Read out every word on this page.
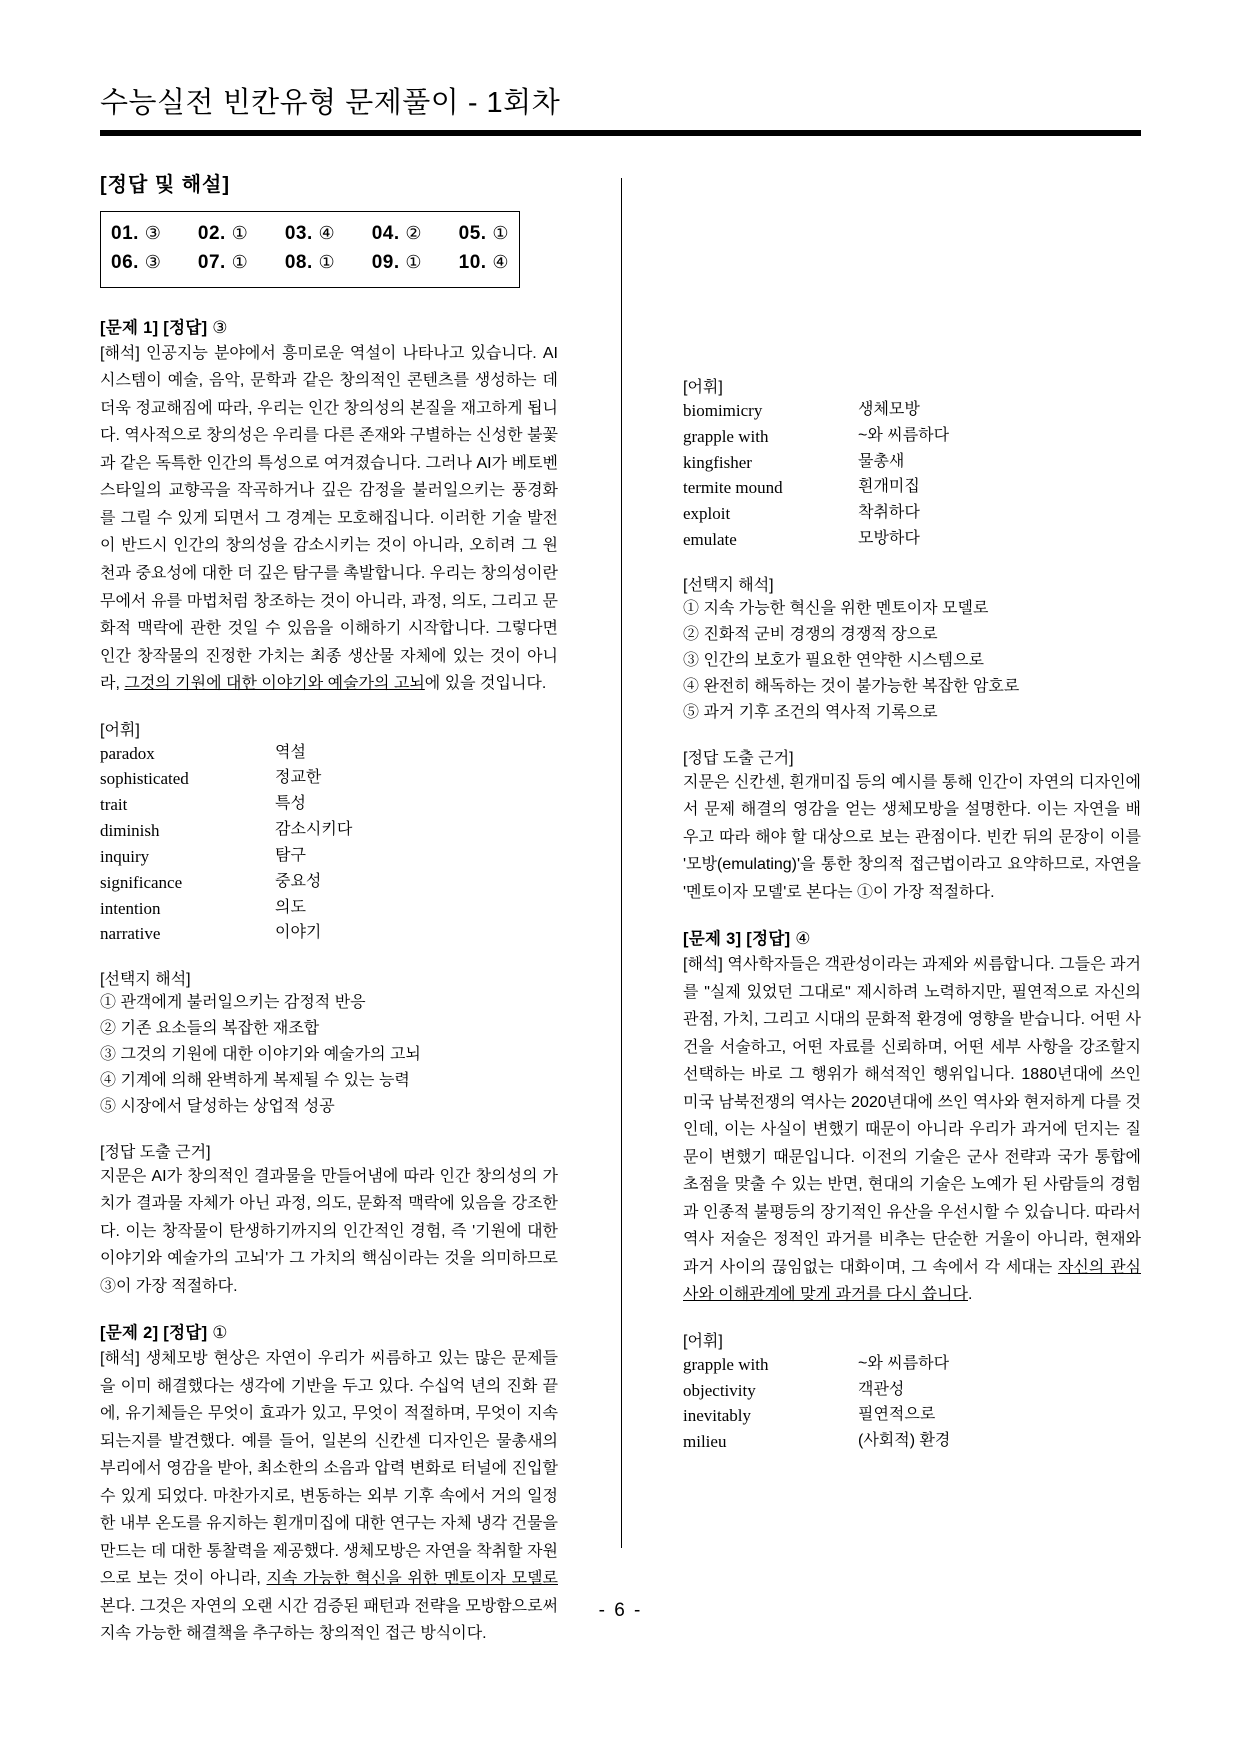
수능실전 빈칸유형 문제풀이 - 1회차
[정답 및 해설]
01. ③ 02. ① 03. ④ 04. ② 05. ①
06. ③ 07. ① 08. ① 09. ① 10. ④
[문제 1] [정답] ③

[해석] 인공지능 분야에서 흥미로운 역설이 나타나고 있습니다. AI 시스템이 예술, 음악, 문학과 같은 창의적인 콘텐츠를 생성하는 데 더욱 정교해짐에 따라, 우리는 인간 창의성의 본질을 재고하게 됩니다. 역사적으로 창의성은 우리를 다른 존재와 구별하는 신성한 불꽃과 같은 독특한 인간의 특성으로 여겨졌습니다. 그러나 AI가 베토벤 스타일의 교향곡을 작곡하거나 깊은 감정을 불러일으키는 풍경화를 그릴 수 있게 되면서 그 경계는 모호해집니다. 이러한 기술 발전이 반드시 인간의 창의성을 감소시키는 것이 아니라, 오히려 그 원천과 중요성에 대한 더 깊은 탐구를 촉발합니다. 우리는 창의성이란 무에서 유를 마법처럼 창조하는 것이 아니라, 과정, 의도, 그리고 문화적 맥락에 관한 것일 수 있음을 이해하기 시작합니다. 그렇다면 인간 창작물의 진정한 가치는 최종 생산물 자체에 있는 것이 아니라, 그것의 기원에 대한 이야기와 예술가의 고뇌에 있을 것입니다.

[어휘]
paradox	역설
sophisticated	정교한
trait	특성
diminish	감소시키다
inquiry	탐구
significance	중요성
intention	의도
narrative	이야기
[선택지 해석]
① 관객에게 불러일으키는 감정적 반응
② 기존 요소들의 복잡한 재조합
③ 그것의 기원에 대한 이야기와 예술가의 고뇌
④ 기계에 의해 완벽하게 복제될 수 있는 능력
⑤ 시장에서 달성하는 상업적 성공
[정답 도출 근거]

지문은 AI가 창의적인 결과물을 만들어냄에 따라 인간 창의성의 가치가 결과물 자체가 아닌 과정, 의도, 문화적 맥락에 있음을 강조한다. 이는 창작물이 탄생하기까지의 인간적인 경험, 즉 '기원에 대한 이야기와 예술가의 고뇌'가 그 가치의 핵심이라는 것을 의미하므로 ③이 가장 적절하다.

[문제 2] [정답] ①

[해석] 생체모방 현상은 자연이 우리가 씨름하고 있는 많은 문제들을 이미 해결했다는 생각에 기반을 두고 있다. 수십억 년의 진화 끝에, 유기체들은 무엇이 효과가 있고, 무엇이 적절하며, 무엇이 지속되는지를 발견했다. 예를 들어, 일본의 신칸센 디자인은 물총새의 부리에서 영감을 받아, 최소한의 소음과 압력 변화로 터널에 진입할 수 있게 되었다. 마찬가지로, 변동하는 외부 기후 속에서 거의 일정한 내부 온도를 유지하는 흰개미집에 대한 연구는 자체 냉각 건물을 만드는 데 대한 통찰력을 제공했다. 생체모방은 자연을 착취할 자원으로 보는 것이 아니라, 지속 가능한 혁신을 위한 멘토이자 모델로 본다. 그것은 자연의 오랜 시간 검증된 패턴과 전략을 모방함으로써 지속 가능한 해결책을 추구하는 창의적인 접근 방식이다.

[어휘]
biomimicry	생체모방
grapple with	~와 씨름하다
kingfisher	물총새
termite mound	흰개미집
exploit	착취하다
emulate	모방하다
[선택지 해석]
① 지속 가능한 혁신을 위한 멘토이자 모델로
② 진화적 군비 경쟁의 경쟁적 장으로
③ 인간의 보호가 필요한 연약한 시스템으로
④ 완전히 해독하는 것이 불가능한 복잡한 암호로
⑤ 과거 기후 조건의 역사적 기록으로
[정답 도출 근거]

지문은 신칸센, 흰개미집 등의 예시를 통해 인간이 자연의 디자인에서 문제 해결의 영감을 얻는 생체모방을 설명한다. 이는 자연을 배우고 따라 해야 할 대상으로 보는 관점이다. 빈칸 뒤의 문장이 이를 '모방(emulating)'을 통한 창의적 접근법이라고 요약하므로, 자연을 '멘토이자 모델'로 본다는 ①이 가장 적절하다.

[문제 3] [정답] ④

[해석] 역사학자들은 객관성이라는 과제와 씨름합니다. 그들은 과거를 "실제 있었던 그대로" 제시하려 노력하지만, 필연적으로 자신의 관점, 가치, 그리고 시대의 문화적 환경에 영향을 받습니다. 어떤 사건을 서술하고, 어떤 자료를 신뢰하며, 어떤 세부 사항을 강조할지 선택하는 바로 그 행위가 해석적인 행위입니다. 1880년대에 쓰인 미국 남북전쟁의 역사는 2020년대에 쓰인 역사와 현저하게 다를 것인데, 이는 사실이 변했기 때문이 아니라 우리가 과거에 던지는 질문이 변했기 때문입니다. 이전의 기술은 군사 전략과 국가 통합에 초점을 맞출 수 있는 반면, 현대의 기술은 노예가 된 사람들의 경험과 인종적 불평등의 장기적인 유산을 우선시할 수 있습니다. 따라서 역사 저술은 정적인 과거를 비추는 단순한 거울이 아니라, 현재와 과거 사이의 끊임없는 대화이며, 그 속에서 각 세대는 자신의 관심사와 이해관계에 맞게 과거를 다시 씁니다.

[어휘]
grapple with	~와 씨름하다
objectivity	객관성
inevitably	필연적으로
milieu	(사회적) 환경
- 6 -
